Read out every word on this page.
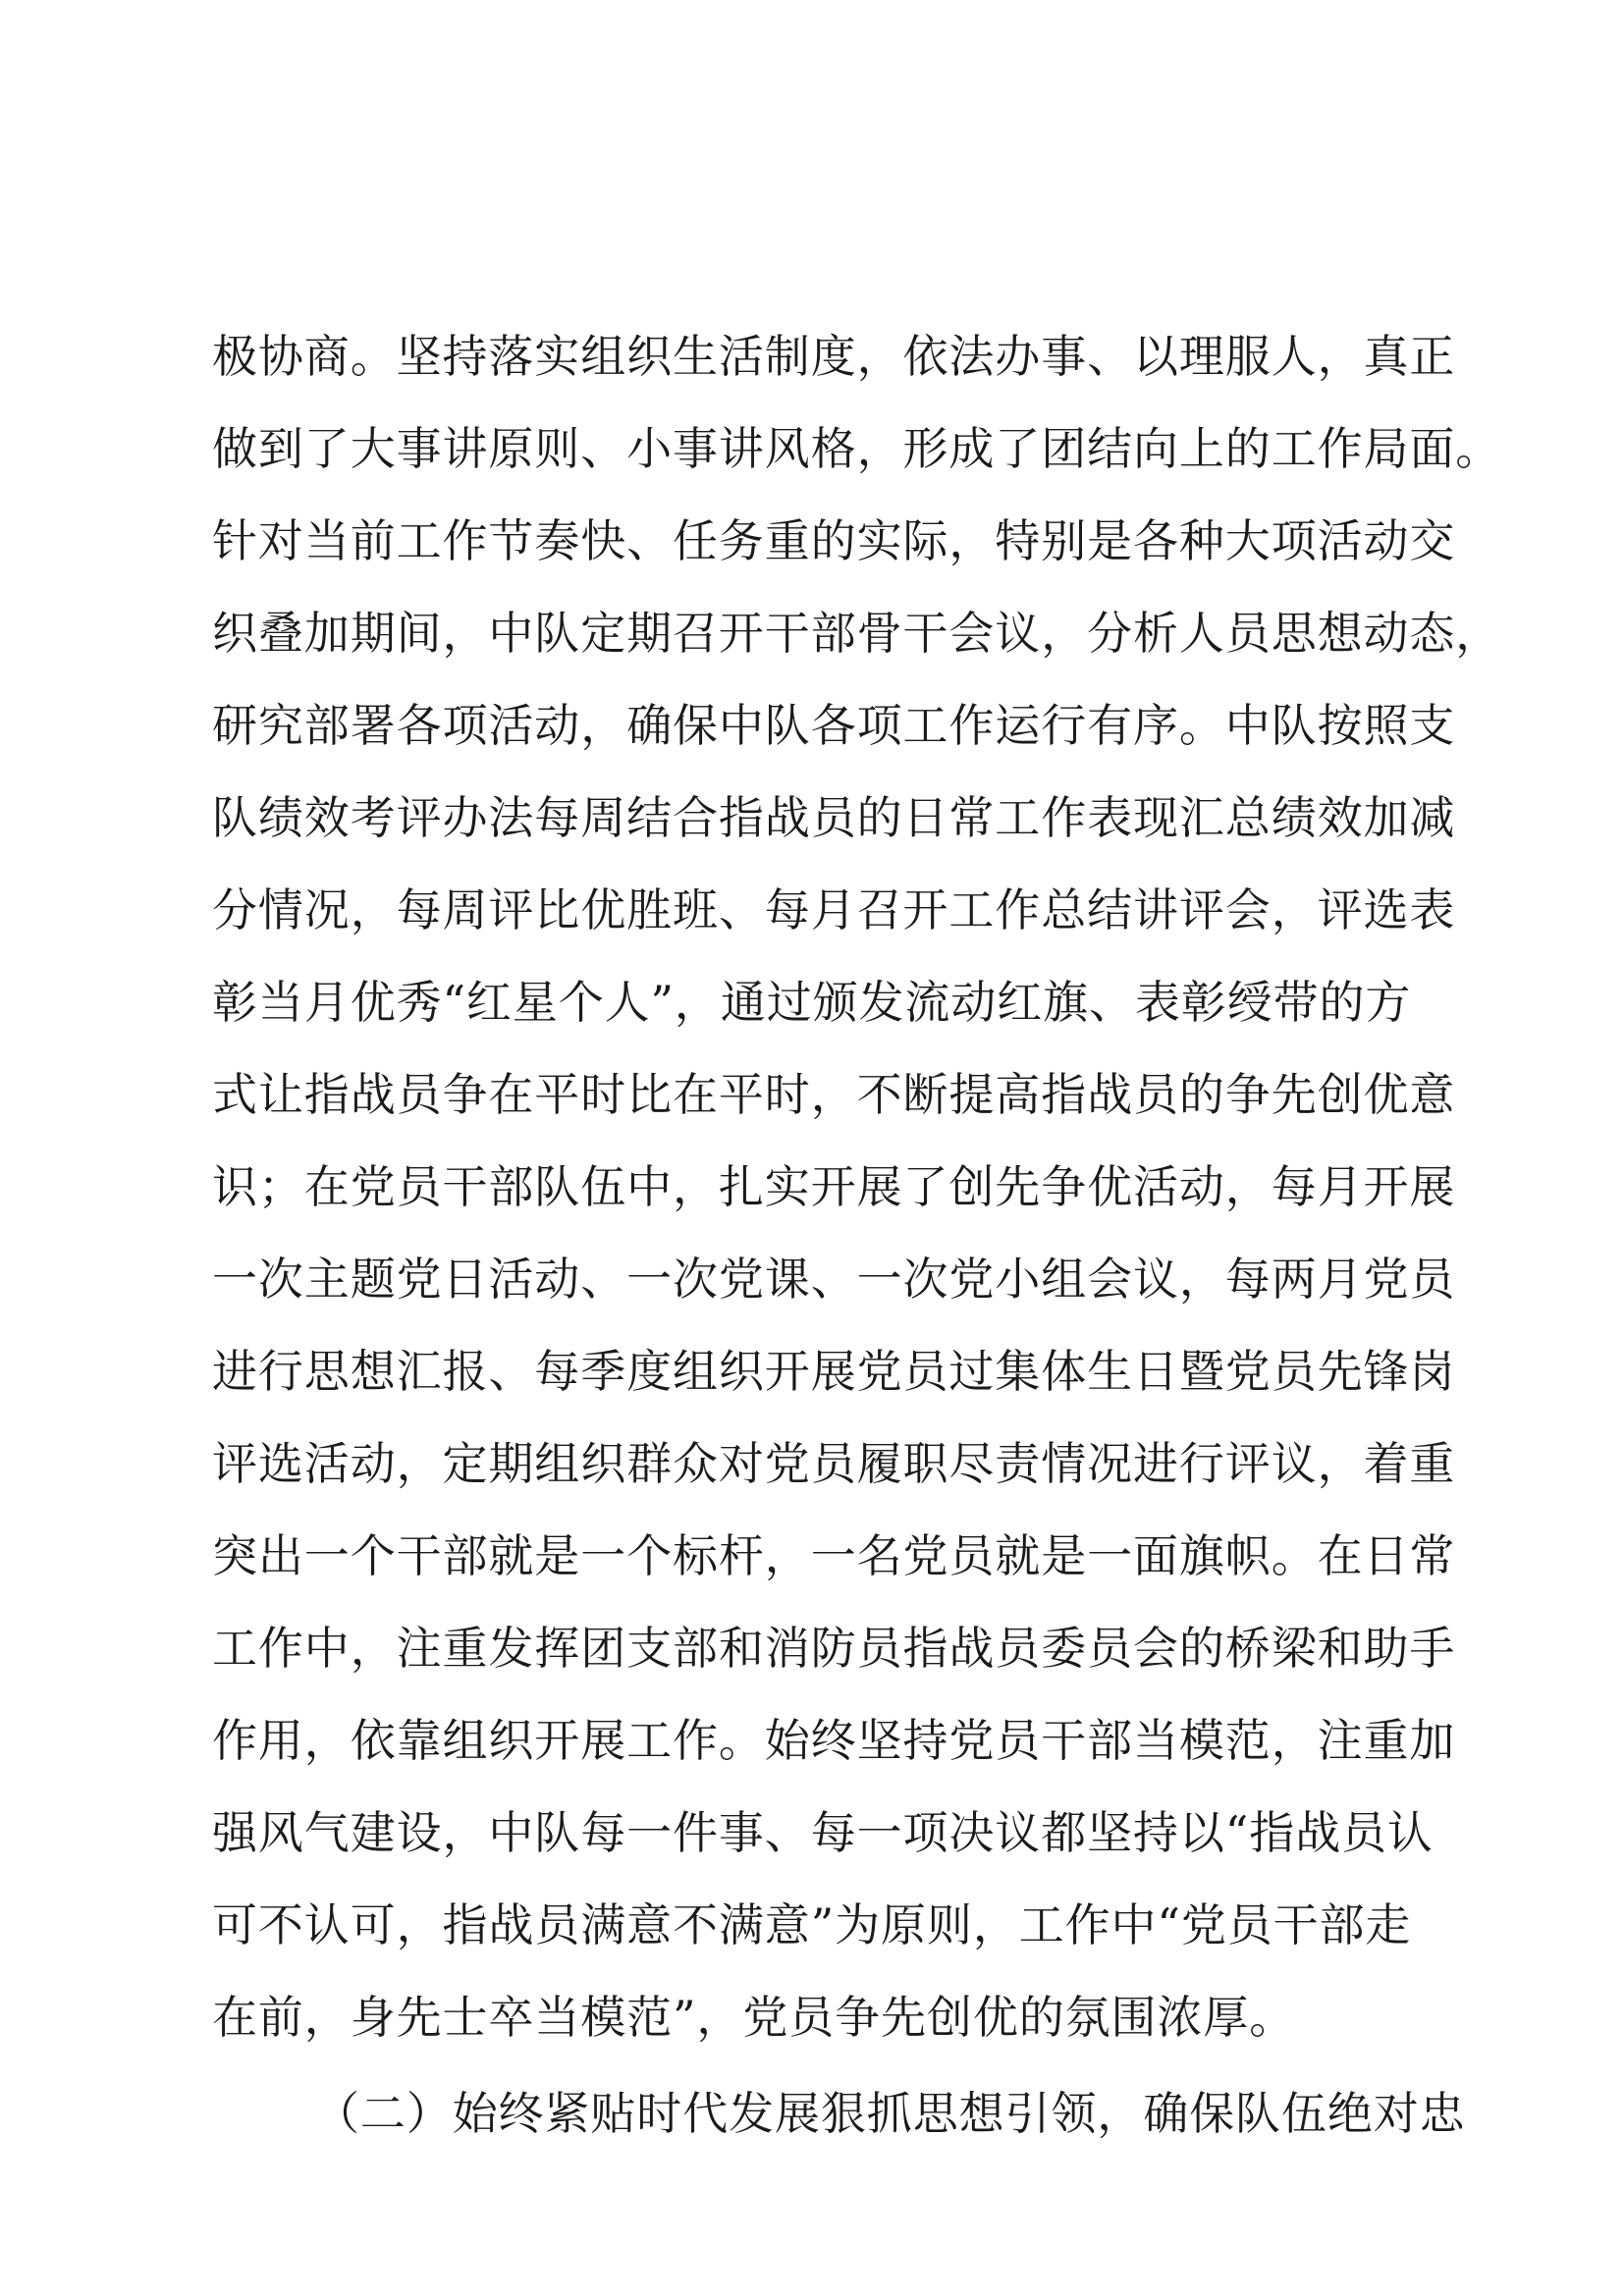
极协商。坚持落实组织生活制度，依法办事、以理服人，真正
做到了大事讲原则、小事讲风格，形成了团结向上的工作局面。
针对当前工作节奏快、任务重的实际，特别是各种大项活动交
织叠加期间，中队定期召开干部骨干会议，分析人员思想动态，
研究部署各项活动，确保中队各项工作运行有序。中队按照支
队绩效考评办法每周结合指战员的日常工作表现汇总绩效加减
分情况，每周评比优胜班、每月召开工作总结讲评会，评选表
彰当月优秀“红星个人”，通过颁发流动红旗、表彰绶带的方
式让指战员争在平时比在平时，不断提高指战员的争先创优意
识；在党员干部队伍中，扎实开展了创先争优活动，每月开展
一次主题党日活动、一次党课、一次党小组会议，每两月党员
进行思想汇报、每季度组织开展党员过集体生日暨党员先锋岗
评选活动，定期组织群众对党员履职尽责情况进行评议，着重
突出一个干部就是一个标杆，一名党员就是一面旗帜。在日常
工作中，注重发挥团支部和消防员指战员委员会的桥梁和助手
作用，依靠组织开展工作。始终坚持党员干部当模范，注重加
强风气建设，中队每一件事、每一项决议都坚持以“指战员认
可不认可，指战员满意不满意”为原则，工作中“党员干部走
在前，身先士卒当模范”，党员争先创优的氛围浓厚。
（二）始终紧贴时代发展狠抓思想引领，确保队伍绝对忠
